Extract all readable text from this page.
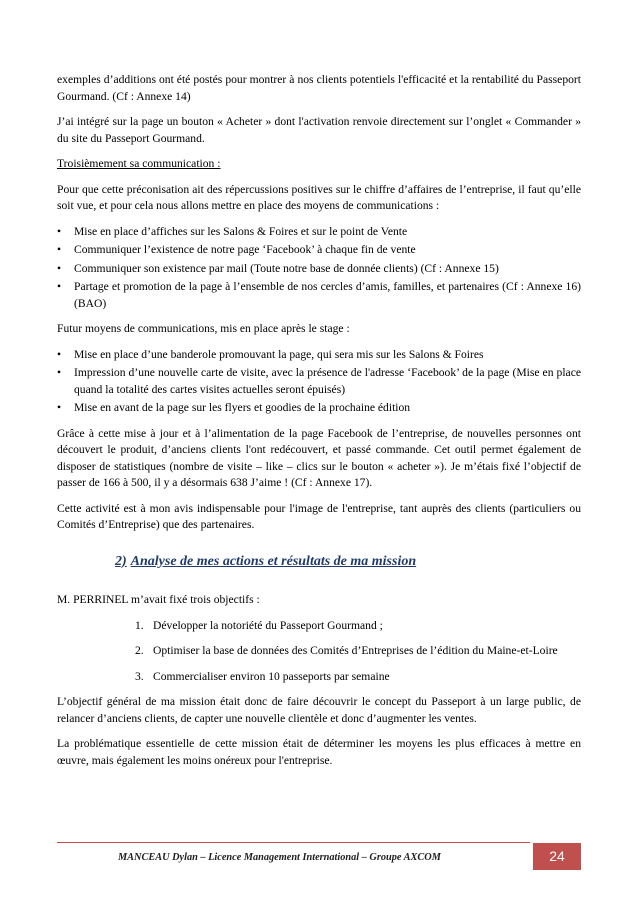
exemples d’additions ont été postés pour montrer à nos clients potentiels l'efficacité et la rentabilité du Passeport Gourmand. (Cf : Annexe 14)

J’ai intégré sur la page un bouton « Acheter » dont l'activation renvoie directement sur l’onglet « Commander » du site du Passeport Gourmand.

Troisièmement sa communication :

Pour que cette préconisation ait des répercussions positives sur le chiffre d’affaires de l’entreprise, il faut qu’elle soit vue, et pour cela nous allons mettre en place des moyens de communications :

• Mise en place d’affiches sur les Salons & Foires et sur le point de Vente
• Communiquer l’existence de notre page ‘Facebook’ à chaque fin de vente
• Communiquer son existence par mail (Toute notre base de donnée clients) (Cf : Annexe 15)
• Partage et promotion de la page à l’ensemble de nos cercles d’amis, familles, et partenaires (Cf : Annexe 16) (BAO)

Futur moyens de communications, mis en place après le stage :

• Mise en place d’une banderole promouvant la page, qui sera mis sur les Salons & Foires
• Impression d’une nouvelle carte de visite, avec la présence de l'adresse ‘Facebook’ de la page (Mise en place quand la totalité des cartes visites actuelles seront épuisés)
• Mise en avant de la page sur les flyers et goodies de la prochaine édition

Grâce à cette mise à jour et à l’alimentation de la page Facebook de l’entreprise, de nouvelles personnes ont découvert le produit, d’anciens clients l'ont redécouvert, et passé commande. Cet outil permet également de disposer de statistiques (nombre de visite – like – clics sur le bouton « acheter »). Je m’étais fixé l’objectif de passer de 166 à 500, il y a désormais 638 J’aime ! (Cf : Annexe 17).

Cette activité est à mon avis indispensable pour l'image de l'entreprise, tant auprès des clients (particuliers ou Comités d’Entreprise) que des partenaires.

2) Analyse de mes actions et résultats de ma mission

M. PERRINEL m’avait fixé trois objectifs :

1. Développer la notoriété du Passeport Gourmand ;
2. Optimiser la base de données des Comités d’Entreprises de l’édition du Maine-et-Loire
3. Commercialiser environ 10 passeports par semaine

L’objectif général de ma mission était donc de faire découvrir le concept du Passeport à un large public, de relancer d’anciens clients, de capter une nouvelle clientèle et donc d’augmenter les ventes.

La problématique essentielle de cette mission était de déterminer les moyens les plus efficaces à mettre en œuvre, mais également les moins onéreux pour l'entreprise.

MANCEAU Dylan – Licence Management International – Groupe AXCOM	24
